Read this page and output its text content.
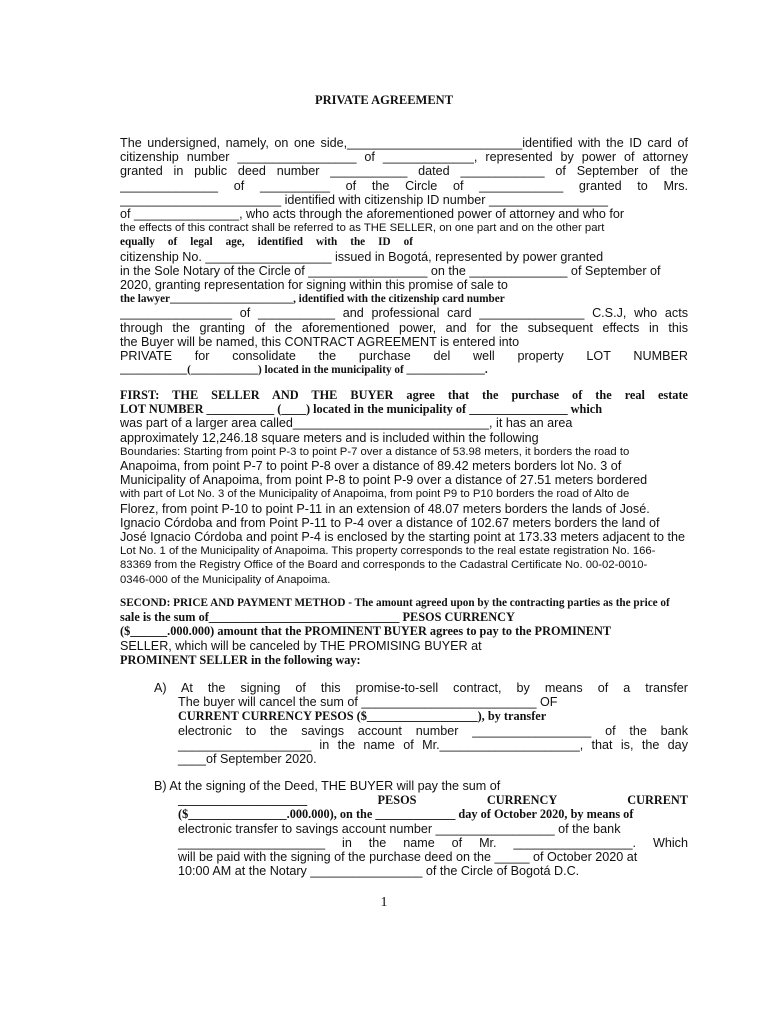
PRIVATE AGREEMENT
The undersigned, namely, on one side,_________________________identified with the ID card of
citizenship number _________________ of _____________, represented by power of attorney
granted in public deed number ___________ dated ____________ of September of the
______________ of __________ of the Circle of ____________ granted to Mrs.
_______________________ identified with citizenship ID number _________________
of _______________, who acts through the aforementioned power of attorney and who for
the effects of this contract shall be referred to as THE SELLER, on one part and on the other part
equally of legal age, identified with the ID of
citizenship No. __________________ issued in Bogotá, represented by power granted
in the Sole Notary of the Circle of _________________ on the ______________ of September of
2020, granting representation for signing within this promise of sale to
the lawyer______________________, identified with the citizenship card number
________________ of ___________ and professional card _______________ C.S.J, who acts
through the granting of the aforementioned power, and for the subsequent effects in this
the Buyer will be named, this CONTRACT AGREEMENT is entered into
PRIVATE for consolidate the purchase del well property LOT NUMBER
____________(____________) located in the municipality of ______________.
FIRST: THE SELLER AND THE BUYER agree that the purchase of the real estate
LOT NUMBER ___________ (____) located in the municipality of ________________ which
was part of a larger area called____________________________, it has an area
approximately 12,246.18 square meters and is included within the following
Boundaries: Starting from point P-3 to point P-7 over a distance of 53.98 meters, it borders the road to
Anapoima, from point P-7 to point P-8 over a distance of 89.42 meters borders lot No. 3 of
Municipality of Anapoima, from point P-8 to point P-9 over a distance of 27.51 meters bordered
with part of Lot No. 3 of the Municipality of Anapoima, from point P9 to P10 borders the road of Alto de
Florez, from point P-10 to point P-11 in an extension of 48.07 meters borders the lands of José.
Ignacio Córdoba and from Point P-11 to P-4 over a distance of 102.67 meters borders the land of
José Ignacio Córdoba and point P-4 is enclosed by the starting point at 173.33 meters adjacent to the
Lot No. 1 of the Municipality of Anapoima. This property corresponds to the real estate registration No. 166-
83369 from the Registry Office of the Board and corresponds to the Cadastral Certificate No. 00-02-0010-
0346-000 of the Municipality of Anapoima.
SECOND: PRICE AND PAYMENT METHOD - The amount agreed upon by the contracting parties as the price of
sale is the sum of_______________________________ PESOS CURRENCY
($______.000.000) amount that the PROMINENT BUYER agrees to pay to the PROMINENT
SELLER, which will be canceled by THE PROMISING BUYER at
PROMINENT SELLER in the following way:
A) At the signing of this promise-to-sell contract, by means of a transfer
The buyer will cancel the sum of _________________________ OF
CURRENT CURRENCY PESOS ($__________________), by transfer
electronic to the savings account number _________________ of the bank
___________________ in the name of Mr.____________________, that is, the day
____of September 2020.
B) At the signing of the Deed, THE BUYER will pay the sum of
_____________________ PESOS CURRENCY CURRENT
($________________.000.000), on the _____________ day of October 2020, by means of
electronic transfer to savings account number _________________ of the bank
_____________________ in the name of Mr. _________________. Which
will be paid with the signing of the purchase deed on the _____ of October 2020 at
10:00 AM at the Notary ________________ of the Circle of Bogotá D.C.
1
